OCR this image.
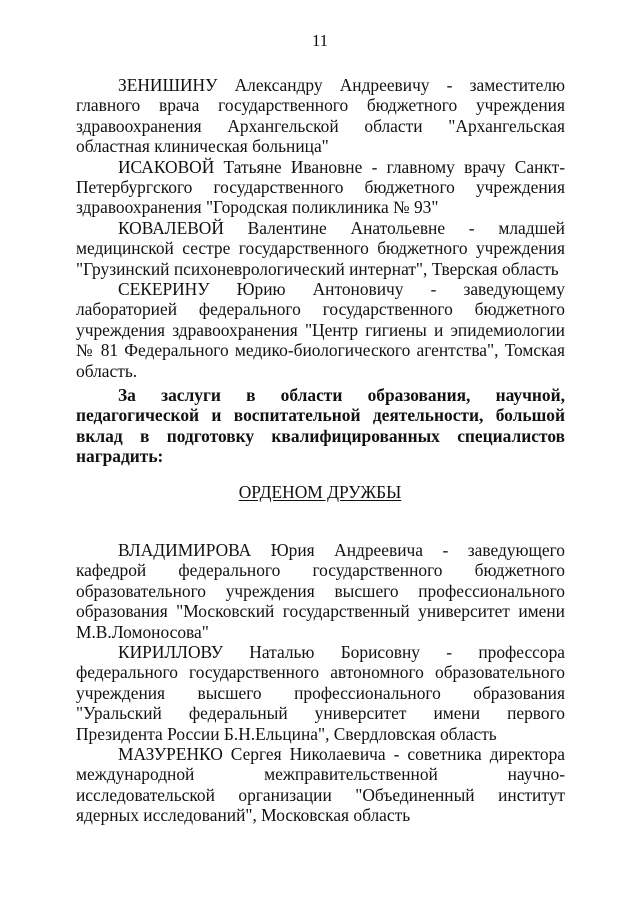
11

ЗЕНИШИНУ Александру Андреевичу - заместителю главного врача государственного бюджетного учреждения здравоохранения Архангельской области "Архангельская областная клиническая больница"

ИСАКОВОЙ Татьяне Ивановне - главному врачу Санкт-Петербургского государственного бюджетного учреждения здравоохранения "Городская поликлиника № 93"

КОВАЛЕВОЙ Валентине Анатольевне - младшей медицинской сестре государственного бюджетного учреждения "Грузинский психоневрологический интернат", Тверская область

СЕКЕРИНУ Юрию Антоновичу - заведующему лабораторией федерального государственного бюджетного учреждения здравоохранения "Центр гигиены и эпидемиологии № 81 Федерального медико-биологического агентства", Томская область.

За заслуги в области образования, научной, педагогической и воспитательной деятельности, большой вклад в подготовку квалифицированных специалистов наградить:

ОРДЕНОМ ДРУЖБЫ

ВЛАДИМИРОВА Юрия Андреевича - заведующего кафедрой федерального государственного бюджетного образовательного учреждения высшего профессионального образования "Московский государственный университет имени М.В.Ломоносова"

КИРИЛЛОВУ Наталью Борисовну - профессора федерального государственного автономного образовательного учреждения высшего профессионального образования "Уральский федеральный университет имени первого Президента России Б.Н.Ельцина", Свердловская область

МАЗУРЕНКО Сергея Николаевича - советника директора международной межправительственной научно-исследовательской организации "Объединенный институт ядерных исследований", Московская область
